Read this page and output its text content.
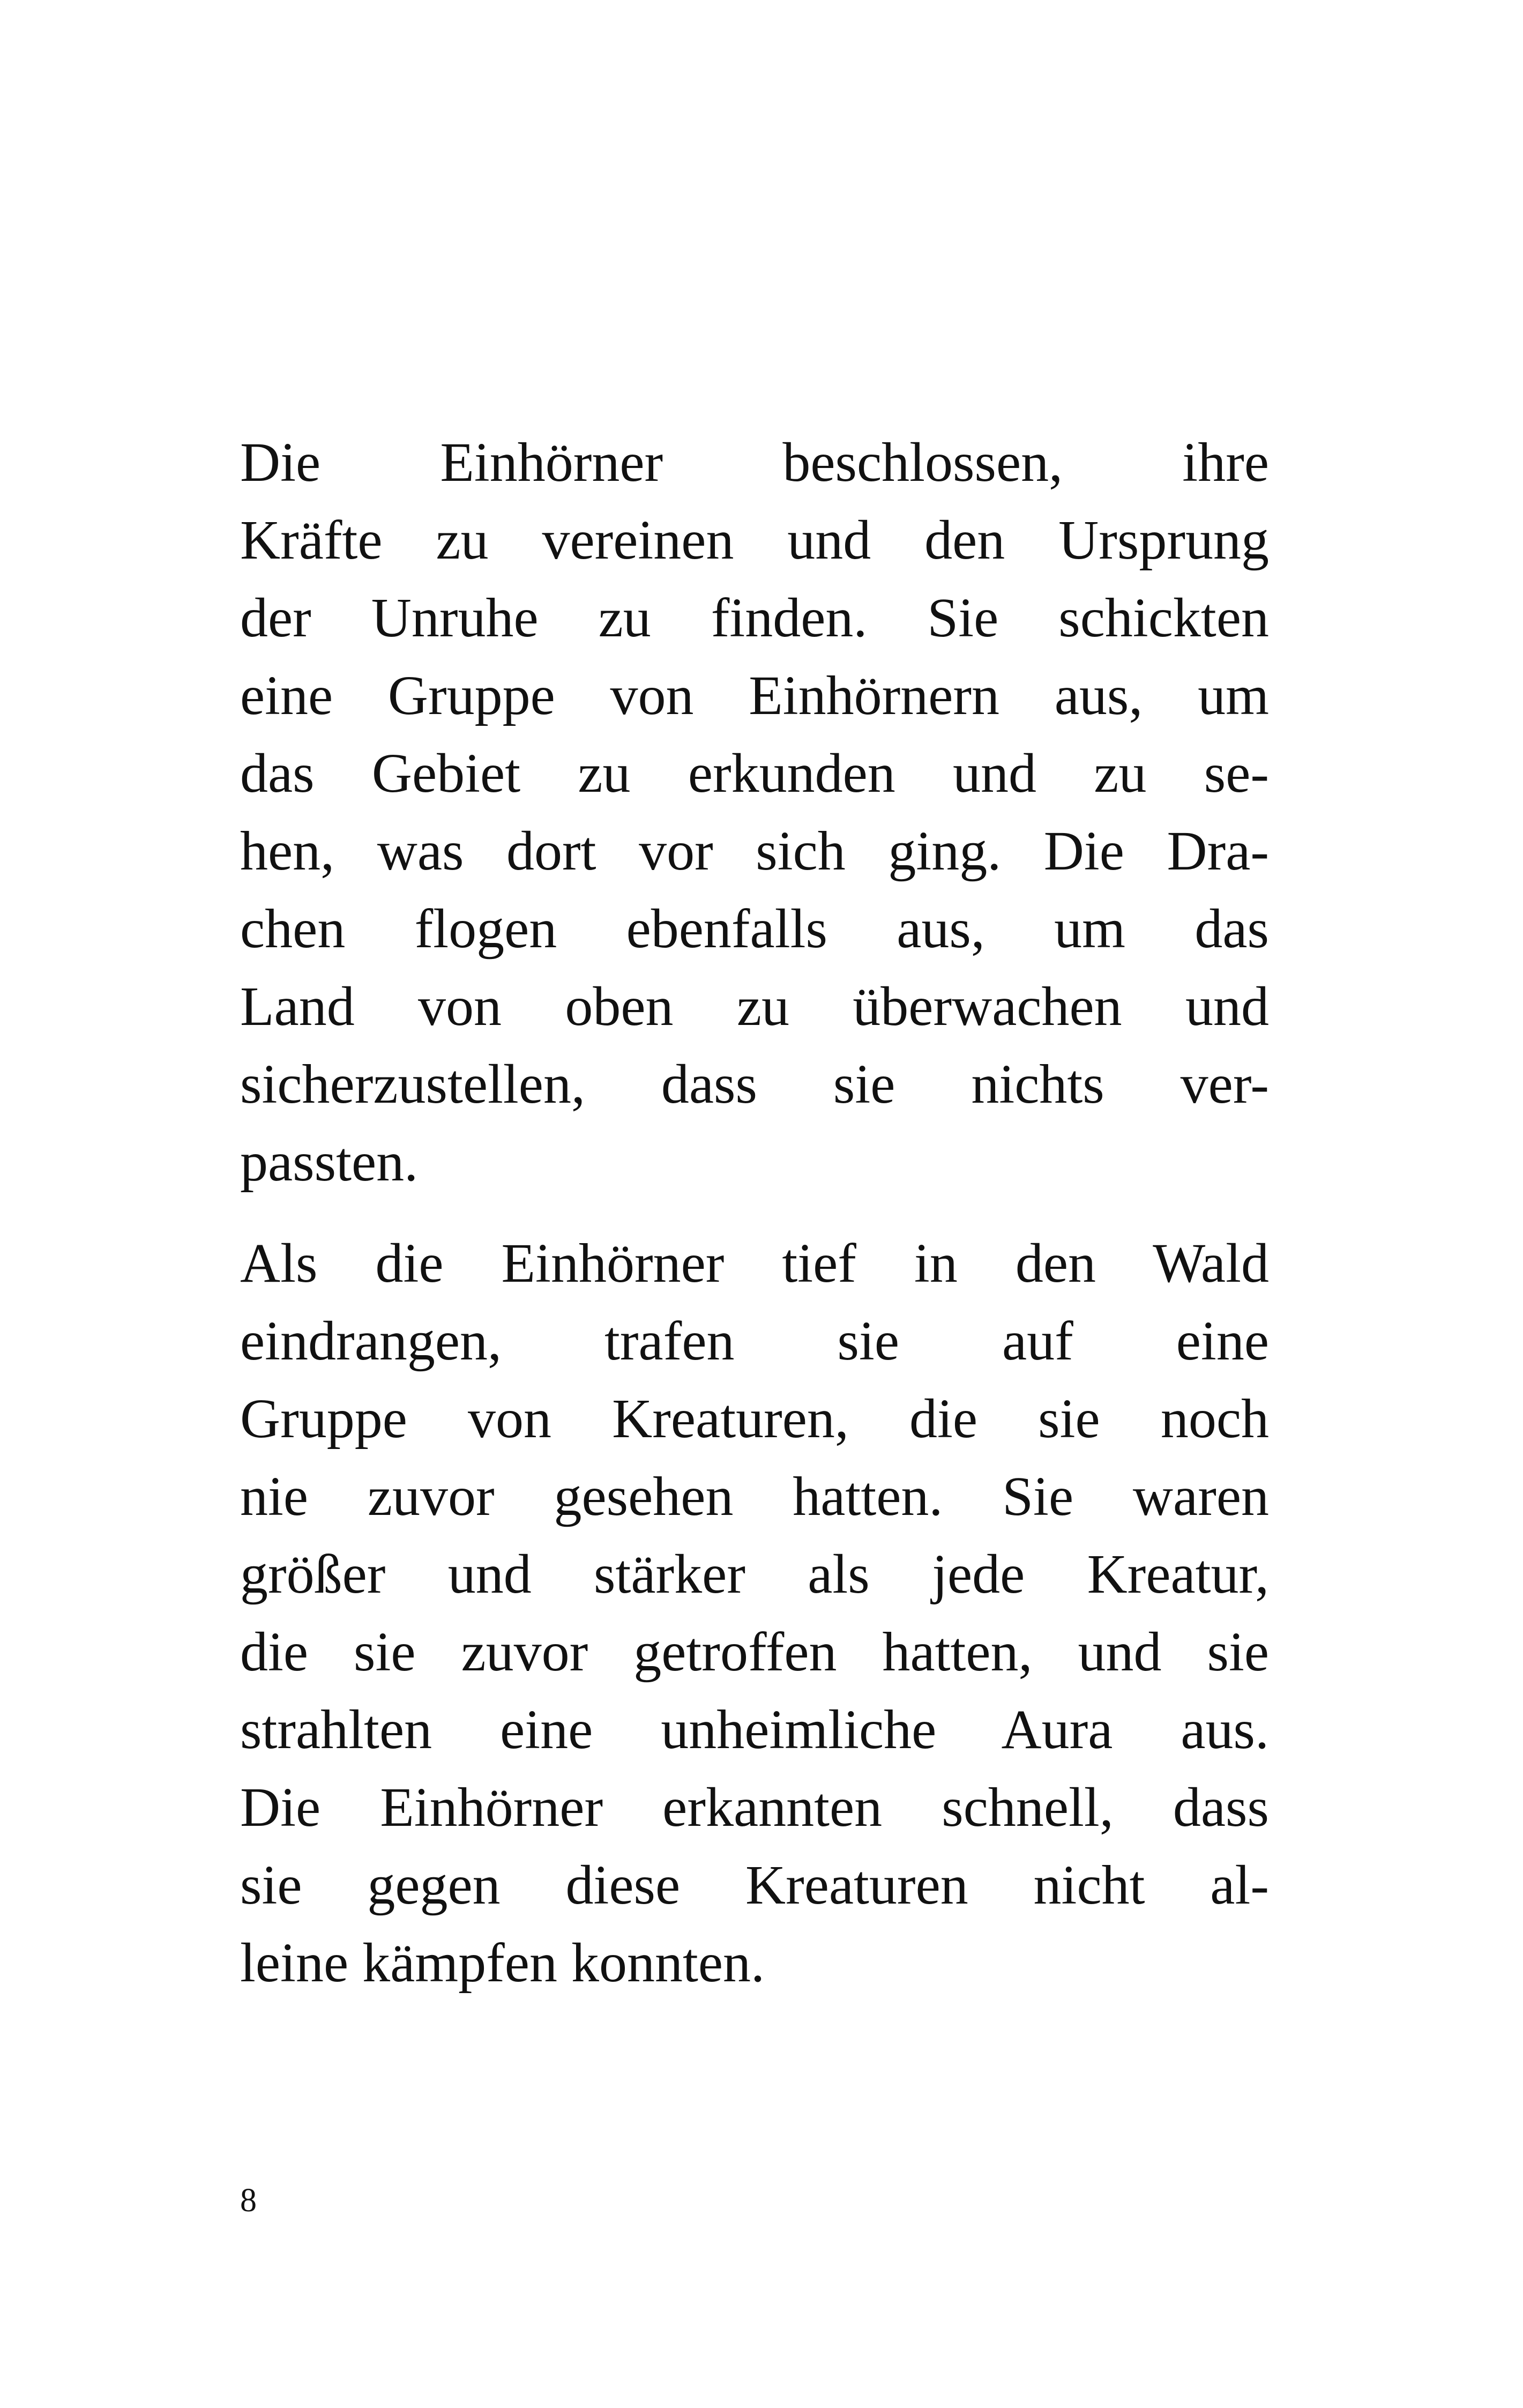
Die Einhörner beschlossen, ihre
Kräfte zu vereinen und den Ursprung
der Unruhe zu finden. Sie schickten
eine Gruppe von Einhörnern aus, um
das Gebiet zu erkunden und zu se-
hen, was dort vor sich ging. Die Dra-
chen flogen ebenfalls aus, um das
Land von oben zu überwachen und
sicherzustellen, dass sie nichts ver-
passten.

Als die Einhörner tief in den Wald
eindrangen, trafen sie auf eine
Gruppe von Kreaturen, die sie noch
nie zuvor gesehen hatten. Sie waren
größer und stärker als jede Kreatur,
die sie zuvor getroffen hatten, und sie
strahlten eine unheimliche Aura aus.
Die Einhörner erkannten schnell, dass
sie gegen diese Kreaturen nicht al-
leine kämpfen konnten.

8
